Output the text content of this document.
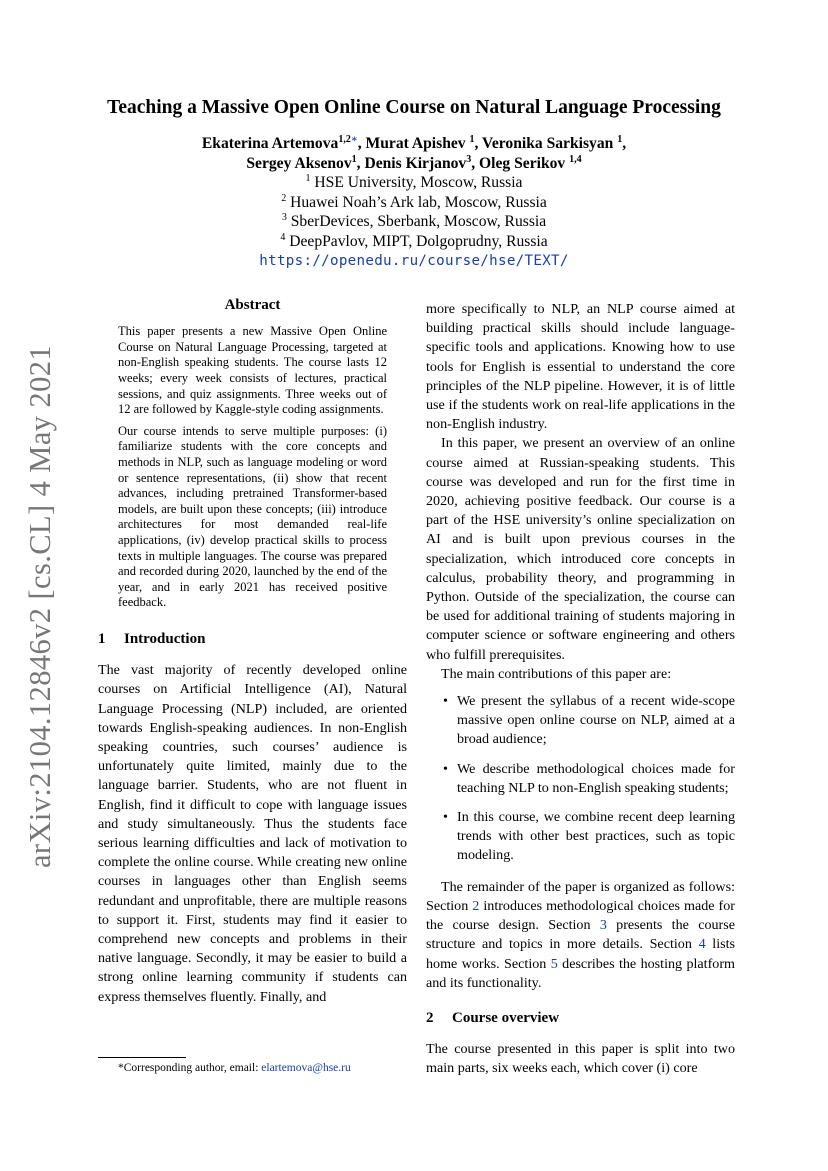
arXiv:2104.12846v2 [cs.CL] 4 May 2021
Teaching a Massive Open Online Course on Natural Language Processing
Ekaterina Artemova$^{1,2∗}$, Murat Apishev $^1$, Veronika Sarkisyan $^1$,
Sergey Aksenov$^1$, Denis Kirjanov$^3$, Oleg Serikov $^{1,4}$
$^1$ HSE University, Moscow, Russia
$^2$ Huawei Noah’s Ark lab, Moscow, Russia
$^3$ SberDevices, Sberbank, Moscow, Russia
$^4$ DeepPavlov, MIPT, Dolgoprudny, Russia
https://openedu.ru/course/hse/TEXT/
Abstract

This paper presents a new Massive Open Online Course on Natural Language Processing, targeted at non-English speaking students. The course lasts 12 weeks; every week consists of lectures, practical sessions, and quiz assignments. Three weeks out of 12 are followed by Kaggle-style coding assignments.

Our course intends to serve multiple purposes: (i) familiarize students with the core concepts and methods in NLP, such as language modeling or word or sentence representations, (ii) show that recent advances, including pretrained Transformer-based models, are built upon these concepts; (iii) introduce architectures for most demanded real-life applications, (iv) develop practical skills to process texts in multiple languages. The course was prepared and recorded during 2020, launched by the end of the year, and in early 2021 has received positive feedback.

1 Introduction

The vast majority of recently developed online courses on Artificial Intelligence (AI), Natural Language Processing (NLP) included, are oriented towards English-speaking audiences. In non-English speaking countries, such courses’ audience is unfortunately quite limited, mainly due to the language barrier. Students, who are not fluent in English, find it difficult to cope with language issues and study simultaneously. Thus the students face serious learning difficulties and lack of motivation to complete the online course. While creating new online courses in languages other than English seems redundant and unprofitable, there are multiple reasons to support it. First, students may find it easier to comprehend new concepts and problems in their native language. Secondly, it may be easier to build a strong online learning community if students can express themselves fluently. Finally, and

more specifically to NLP, an NLP course aimed at building practical skills should include language-specific tools and applications. Knowing how to use tools for English is essential to understand the core principles of the NLP pipeline. However, it is of little use if the students work on real-life applications in the non-English industry.

In this paper, we present an overview of an online course aimed at Russian-speaking students. This course was developed and run for the first time in 2020, achieving positive feedback. Our course is a part of the HSE university’s online specialization on AI and is built upon previous courses in the specialization, which introduced core concepts in calculus, probability theory, and programming in Python. Outside of the specialization, the course can be used for additional training of students majoring in computer science or software engineering and others who fulfill prerequisites.

The main contributions of this paper are:

• We present the syllabus of a recent wide-scope massive open online course on NLP, aimed at a broad audience;
• We describe methodological choices made for teaching NLP to non-English speaking students;
• In this course, we combine recent deep learning trends with other best practices, such as topic modeling.

The remainder of the paper is organized as follows: Section 2 introduces methodological choices made for the course design. Section 3 presents the course structure and topics in more details. Section 4 lists home works. Section 5 describes the hosting platform and its functionality.

2 Course overview

The course presented in this paper is split into two main parts, six weeks each, which cover (i) core

*Corresponding author, email: elartemova@hse.ru
